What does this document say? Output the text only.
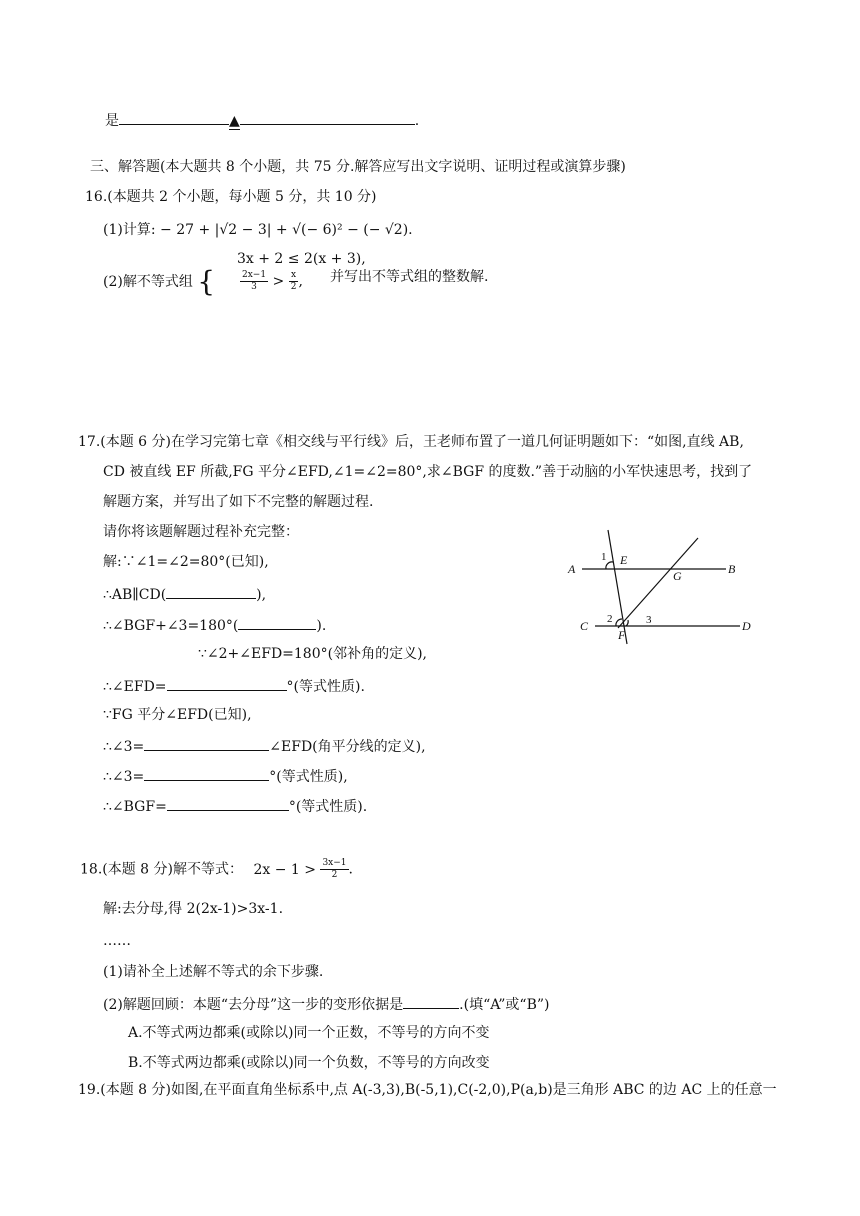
是	▲	.
三、解答题(本大题共 8 个小题，共 75 分.解答应写出文字说明、证明过程或演算步骤)
16.(本题共 2 个小题，每小题 5 分，共 10 分)
(1)计算: − 27 + |√2 − 3| + √(− 6)² − (− √2).
(2)解不等式组 {
3x + 2 ≤ 2(x + 3),
$\frac{2x-1}{3} > \frac{x}{2}$ , 并写出不等式组的整数解.
17.(本题 6 分)在学习完第七章《相交线与平行线》后，王老师布置了一道几何证明题如下：“如图,直线 AB,
CD 被直线 EF 所截,FG 平分∠EFD,∠1=∠2=80°,求∠BGF 的度数.”善于动脑的小军快速思考，找到了
解题方案，并写出了如下不完整的解题过程.
请你将该题解题过程补充完整：
解:∵∠1=∠2=80°(已知),
∴AB∥CD(	),
∴∠BGF+∠3=180°(	).
∵∠2+∠EFD=180°(邻补角的定义),
∴∠EFD=	°(等式性质).
∵FG 平分∠EFD(已知),
∴∠3=	∠EFD(角平分线的定义),
∴∠3=	°(等式性质),
∴∠BGF=	°(等式性质).
A	B
C	D
E
F
G
1
2	3
18.(本题 8 分)解不等式： $2x - 1 > \frac{3x-1}{2}$ .
解:去分母,得 2(2x-1)>3x-1.
……
(1)请补全上述解不等式的余下步骤.
(2)解题回顾：本题“去分母”这一步的变形依据是	.(填“A”或“B”)
A.不等式两边都乘(或除以)同一个正数，不等号的方向不变
B.不等式两边都乘(或除以)同一个负数，不等号的方向改变
19.(本题 8 分)如图,在平面直角坐标系中,点 A(-3,3),B(-5,1),C(-2,0),P(a,b)是三角形 ABC 的边 AC 上的任意一
